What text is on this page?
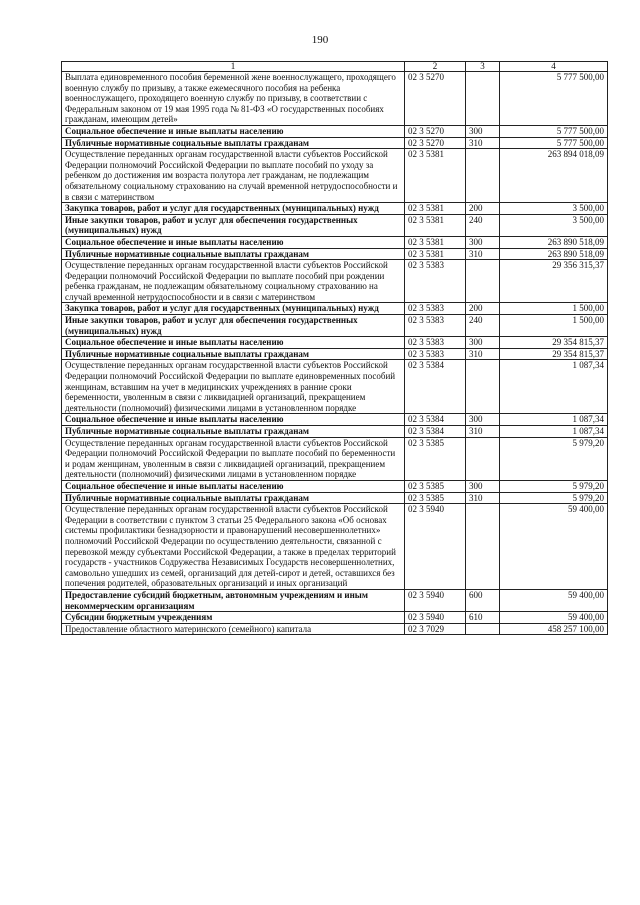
190
1	2	3	4
Выплата единовременного пособия беременной жене военнослужащего, проходящего военную службу по призыву, а также ежемесячного пособия на ребенка военнослужащего, проходящего военную службу по призыву, в соответствии с Федеральным законом от 19 мая 1995 года № 81-ФЗ «О государственных пособиях гражданам, имеющим детей»	02 3 5270		5 777 500,00
Социальное обеспечение и иные выплаты населению	02 3 5270	300	5 777 500,00
Публичные нормативные социальные выплаты гражданам	02 3 5270	310	5 777 500,00
Осуществление переданных органам государственной власти субъектов Российской Федерации полномочий Российской Федерации по выплате пособий по уходу за ребенком до достижения им возраста полутора лет гражданам, не подлежащим обязательному социальному страхованию на случай временной нетрудоспособности и в связи с материнством	02 3 5381		263 894 018,09
Закупка товаров, работ и услуг для государственных (муниципальных) нужд	02 3 5381	200	3 500,00
Иные закупки товаров, работ и услуг для обеспечения государственных (муниципальных) нужд	02 3 5381	240	3 500,00
Социальное обеспечение и иные выплаты населению	02 3 5381	300	263 890 518,09
Публичные нормативные социальные выплаты гражданам	02 3 5381	310	263 890 518,09
Осуществление переданных органам государственной власти субъектов Российской Федерации полномочий Российской Федерации по выплате пособий при рождении ребенка гражданам, не подлежащим обязательному социальному страхованию на случай временной нетрудоспособности и в связи с материнством	02 3 5383		29 356 315,37
Закупка товаров, работ и услуг для государственных (муниципальных) нужд	02 3 5383	200	1 500,00
Иные закупки товаров, работ и услуг для обеспечения государственных (муниципальных) нужд	02 3 5383	240	1 500,00
Социальное обеспечение и иные выплаты населению	02 3 5383	300	29 354 815,37
Публичные нормативные социальные выплаты гражданам	02 3 5383	310	29 354 815,37
Осуществление переданных органам государственной власти субъектов Российской Федерации полномочий Российской Федерации по выплате единовременных пособий женщинам, вставшим на учет в медицинских учреждениях в ранние сроки беременности, уволенным в связи с ликвидацией организаций, прекращением деятельности (полномочий) физическими лицами в установленном порядке	02 3 5384		1 087,34
Социальное обеспечение и иные выплаты населению	02 3 5384	300	1 087,34
Публичные нормативные социальные выплаты гражданам	02 3 5384	310	1 087,34
Осуществление переданных органам государственной власти субъектов Российской Федерации полномочий Российской Федерации по выплате пособий по беременности и родам женщинам, уволенным в связи с ликвидацией организаций, прекращением деятельности (полномочий) физическими лицами в установленном порядке	02 3 5385		5 979,20
Социальное обеспечение и иные выплаты населению	02 3 5385	300	5 979,20
Публичные нормативные социальные выплаты гражданам	02 3 5385	310	5 979,20
Осуществление переданных органам государственной власти субъектов Российской Федерации в соответствии с пунктом 3 статьи 25 Федерального закона «Об основах системы профилактики безнадзорности и правонарушений несовершеннолетних» полномочий Российской Федерации по осуществлению деятельности, связанной с перевозкой между субъектами Российской Федерации, а также в пределах территорий государств - участников Содружества Независимых Государств несовершеннолетних, самовольно ушедших из семей, организаций для детей-сирот и детей, оставшихся без попечения родителей, образовательных организаций и иных организаций	02 3 5940		59 400,00
Предоставление субсидий бюджетным, автономным учреждениям и иным некоммерческим организациям	02 3 5940	600	59 400,00
Субсидии бюджетным учреждениям	02 3 5940	610	59 400,00
Предоставление областного материнского (семейного) капитала	02 3 7029		458 257 100,00
